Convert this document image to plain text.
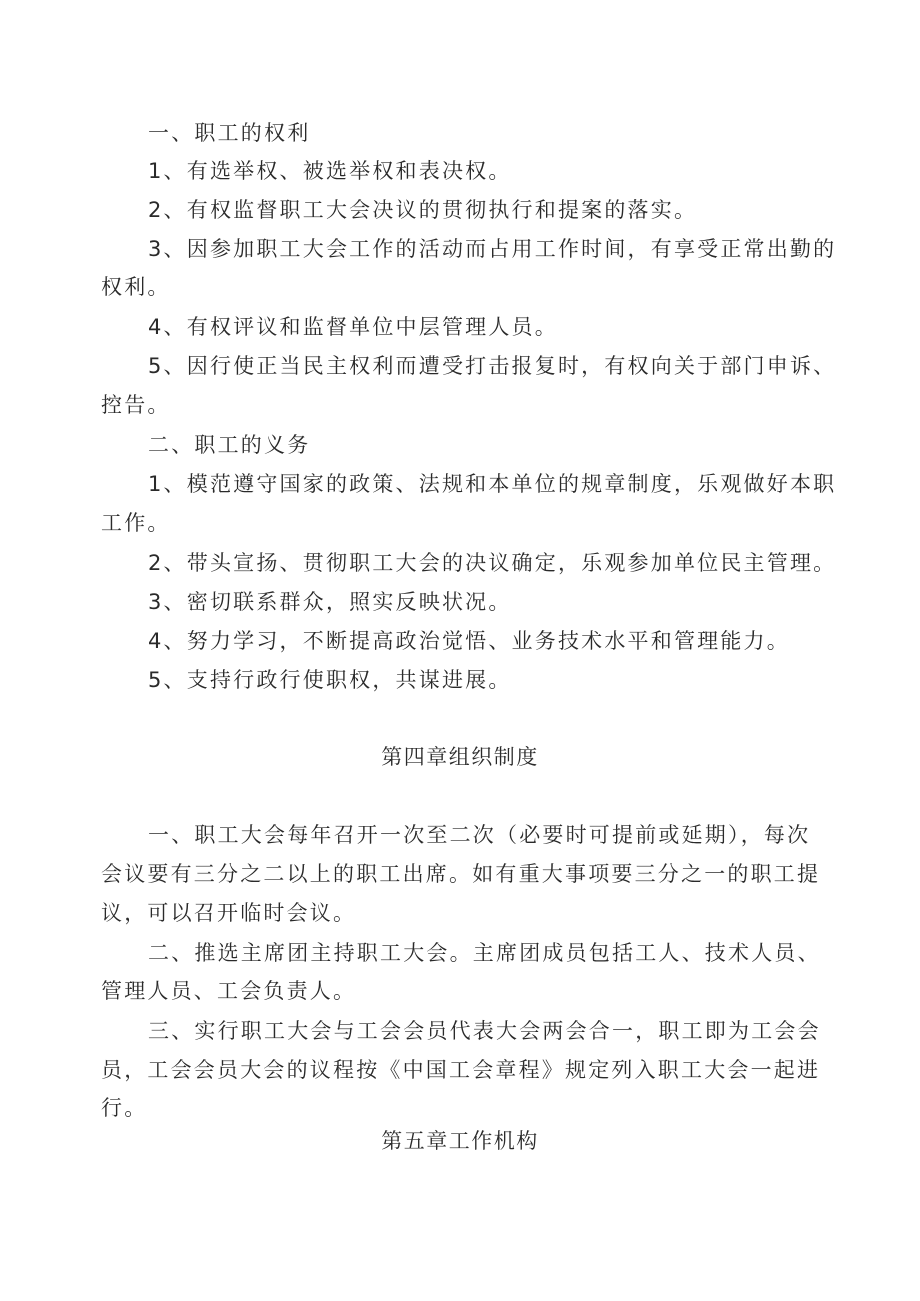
一、职工的权利
1、有选举权、被选举权和表决权。
2、有权监督职工大会决议的贯彻执行和提案的落实。
3、因参加职工大会工作的活动而占用工作时间，有享受正常出勤的
权利。
4、有权评议和监督单位中层管理人员。
5、因行使正当民主权利而遭受打击报复时，有权向关于部门申诉、
控告。
二、职工的义务
1、模范遵守国家的政策、法规和本单位的规章制度，乐观做好本职
工作。
2、带头宣扬、贯彻职工大会的决议确定，乐观参加单位民主管理。
3、密切联系群众，照实反映状况。
4、努力学习，不断提高政治觉悟、业务技术水平和管理能力。
5、支持行政行使职权，共谋进展。
第四章组织制度
一、职工大会每年召开一次至二次（必要时可提前或延期），每次
会议要有三分之二以上的职工出席。如有重大事项要三分之一的职工提
议，可以召开临时会议。
二、推选主席团主持职工大会。主席团成员包括工人、技术人员、
管理人员、工会负责人。
三、实行职工大会与工会会员代表大会两会合一，职工即为工会会
员，工会会员大会的议程按《中国工会章程》规定列入职工大会一起进
行。
第五章工作机构
